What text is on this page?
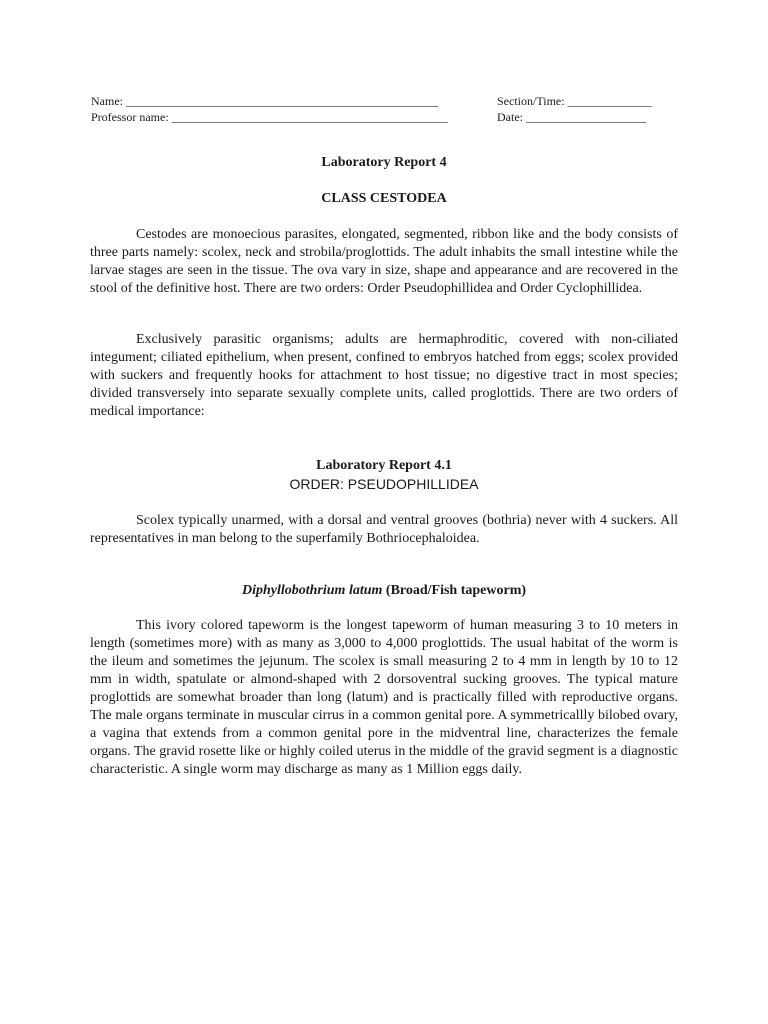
Name: ____________________________________________________
Professor name: ______________________________________________
Section/Time: ______________
Date: ____________________
Laboratory Report 4
CLASS CESTODEA

Cestodes are monoecious parasites, elongated, segmented, ribbon like and the body consists of three parts namely: scolex, neck and strobila/proglottids. The adult inhabits the small intestine while the larvae stages are seen in the tissue. The ova vary in size, shape and appearance and are recovered in the stool of the definitive host. There are two orders: Order Pseudophillidea and Order Cyclophillidea.

Exclusively parasitic organisms; adults are hermaphroditic, covered with non-ciliated integument; ciliated epithelium, when present, confined to embryos hatched from eggs; scolex provided with suckers and frequently hooks for attachment to host tissue; no digestive tract in most species; divided transversely into separate sexually complete units, called proglottids. There are two orders of medical importance:

Laboratory Report 4.1
ORDER: PSEUDOPHILLIDEA

Scolex typically unarmed, with a dorsal and ventral grooves (bothria) never with 4 suckers. All representatives in man belong to the superfamily Bothriocephaloidea.

Diphyllobothrium latum (Broad/Fish tapeworm)

This ivory colored tapeworm is the longest tapeworm of human measuring 3 to 10 meters in length (sometimes more) with as many as 3,000 to 4,000 proglottids. The usual habitat of the worm is the ileum and sometimes the jejunum. The scolex is small measuring 2 to 4 mm in length by 10 to 12 mm in width, spatulate or almond-shaped with 2 dorsoventral sucking grooves. The typical mature proglottids are somewhat broader than long (latum) and is practically filled with reproductive organs. The male organs terminate in muscular cirrus in a common genital pore. A symmetricallly bilobed ovary, a vagina that extends from a common genital pore in the midventral line, characterizes the female organs. The gravid rosette like or highly coiled uterus in the middle of the gravid segment is a diagnostic characteristic. A single worm may discharge as many as 1 Million eggs daily.
